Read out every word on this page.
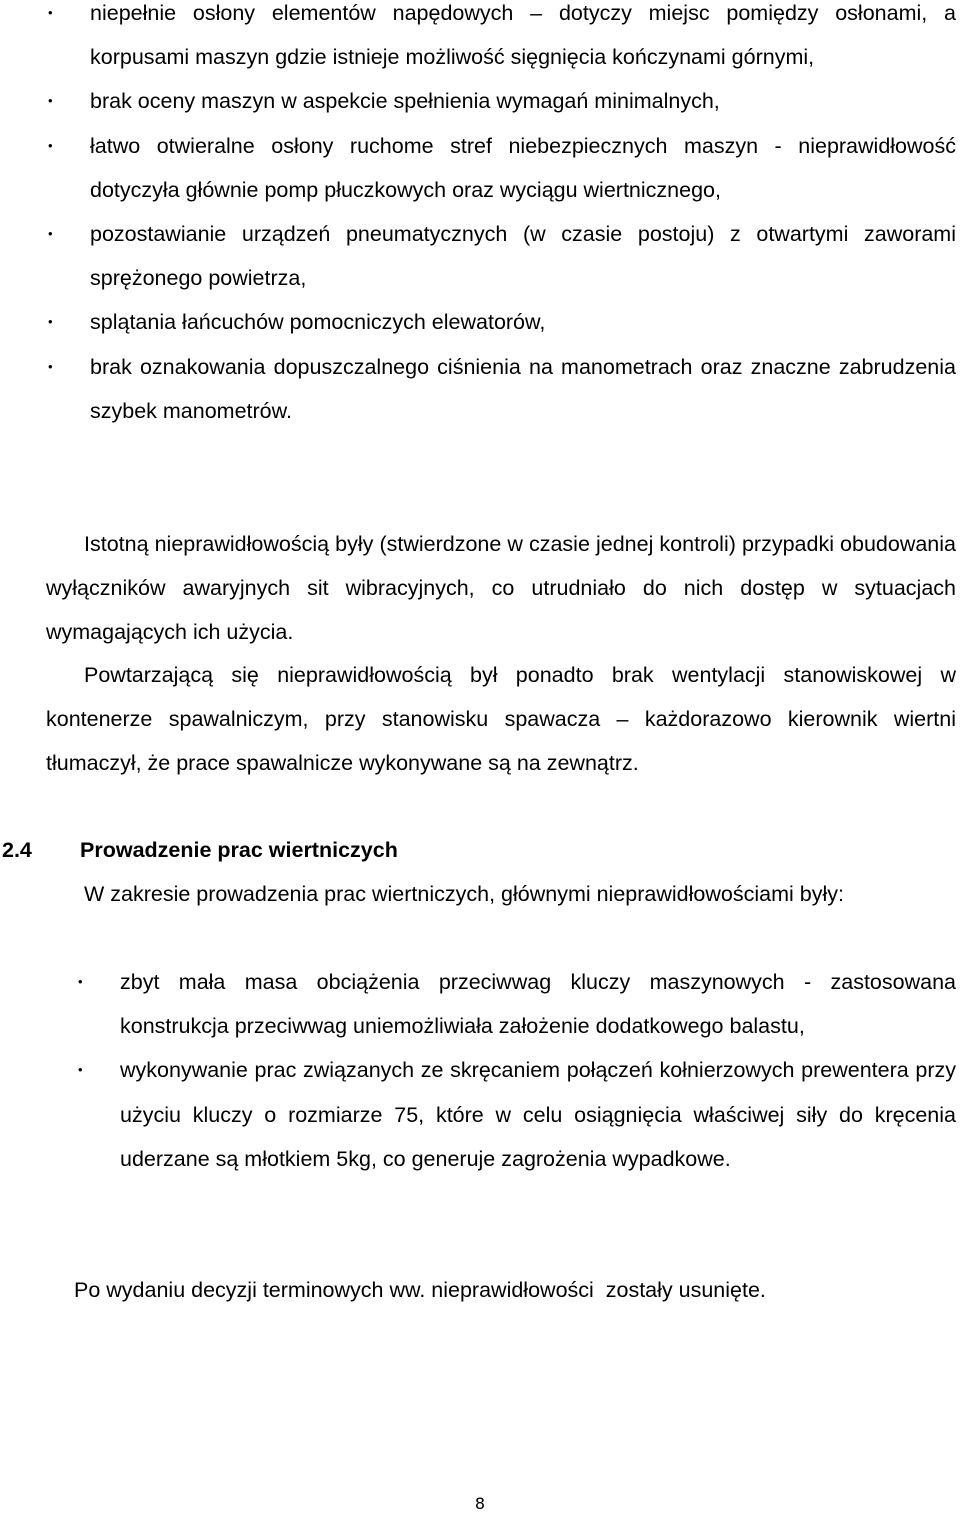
• niepełnie osłony elementów napędowych – dotyczy miejsc pomiędzy osłonami, a korpusami maszyn gdzie istnieje możliwość sięgnięcia kończynami górnymi,
• brak oceny maszyn w aspekcie spełnienia wymagań minimalnych,
• łatwo otwieralne osłony ruchome stref niebezpiecznych maszyn - nieprawidłowość dotyczyła głównie pomp płuczkowych oraz wyciągu wiertnicznego,
• pozostawianie urządzeń pneumatycznych (w czasie postoju) z otwartymi zaworami sprężonego powietrza,
• splątania łańcuchów pomocniczych elewatorów,
• brak oznakowania dopuszczalnego ciśnienia na manometrach oraz znaczne zabrudzenia szybek manometrów.

Istotną nieprawidłowością były (stwierdzone w czasie jednej kontroli) przypadki obudowania wyłączników awaryjnych sit wibracyjnych, co utrudniało do nich dostęp w sytuacjach wymagających ich użycia.

Powtarzającą się nieprawidłowością był ponadto brak wentylacji stanowiskowej w kontenerze spawalniczym, przy stanowisku spawacza – każdorazowo kierownik wiertni tłumaczył, że prace spawalnicze wykonywane są na zewnątrz.

2.4 Prowadzenie prac wiertniczych

W zakresie prowadzenia prac wiertniczych, głównymi nieprawidłowościami były:

• zbyt mała masa obciążenia przeciwwag kluczy maszynowych - zastosowana konstrukcja przeciwwag uniemożliwiała założenie dodatkowego balastu,
• wykonywanie prac związanych ze skręcaniem połączeń kołnierzowych prewentera przy użyciu kluczy o rozmiarze 75, które w celu osiągnięcia właściwej siły do kręcenia uderzane są młotkiem 5kg, co generuje zagrożenia wypadkowe.
Po wydaniu decyzji terminowych ww. nieprawidłowości  zostały usunięte.
8
